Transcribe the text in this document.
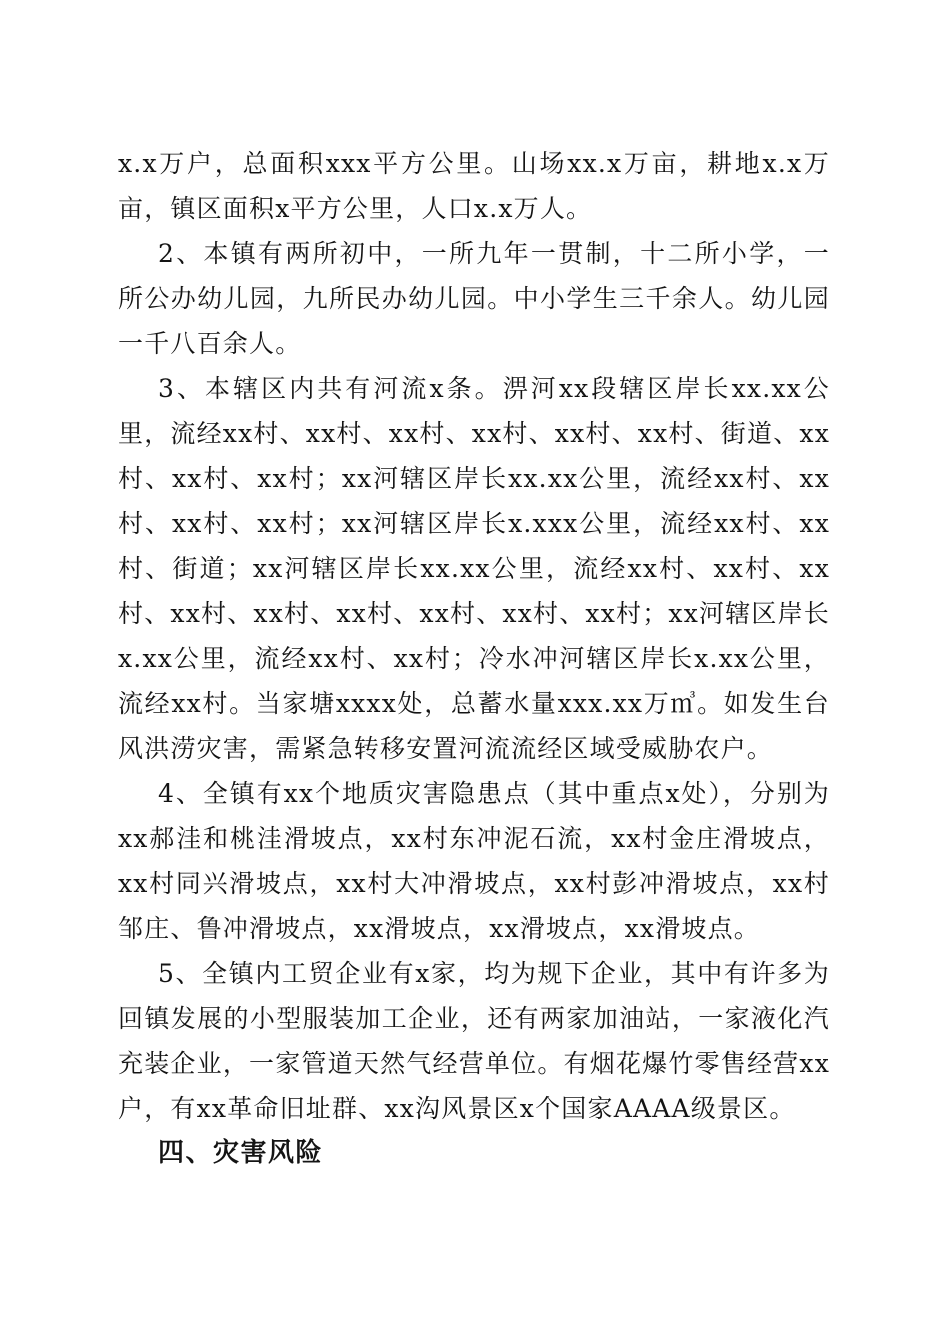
x.x万户，总面积xxx平方公里。山场xx.x万亩，耕地x.x万亩，镇区面积x平方公里，人口x.x万人。

2、本镇有两所初中，一所九年一贯制，十二所小学，一所公办幼儿园，九所民办幼儿园。中小学生三千余人。幼儿园一千八百余人。

3、本辖区内共有河流x条。淠河xx段辖区岸长xx.xx公里，流经xx村、xx村、xx村、xx村、xx村、xx村、街道、xx村、xx村、xx村；xx河辖区岸长xx.xx公里，流经xx村、xx村、xx村、xx村；xx河辖区岸长x.xxx公里，流经xx村、xx村、街道；xx河辖区岸长xx.xx公里，流经xx村、xx村、xx村、xx村、xx村、xx村、xx村、xx村、xx村；xx河辖区岸长x.xx公里，流经xx村、xx村；冷水冲河辖区岸长x.xx公里，流经xx村。当家塘xxxx处，总蓄水量xxx.xx万㎥。如发生台风洪涝灾害，需紧急转移安置河流流经区域受威胁农户。

4、全镇有xx个地质灾害隐患点（其中重点x处），分别为xx郝洼和桃洼滑坡点，xx村东冲泥石流，xx村金庄滑坡点，xx村同兴滑坡点，xx村大冲滑坡点，xx村彭冲滑坡点，xx村邹庄、鲁冲滑坡点，xx滑坡点，xx滑坡点，xx滑坡点。

5、全镇内工贸企业有x家，均为规下企业，其中有许多为回镇发展的小型服装加工企业，还有两家加油站，一家液化汽充装企业，一家管道天然气经营单位。有烟花爆竹零售经营xx户，有xx革命旧址群、xx沟风景区x个国家AAAA级景区。

四、灾害风险
